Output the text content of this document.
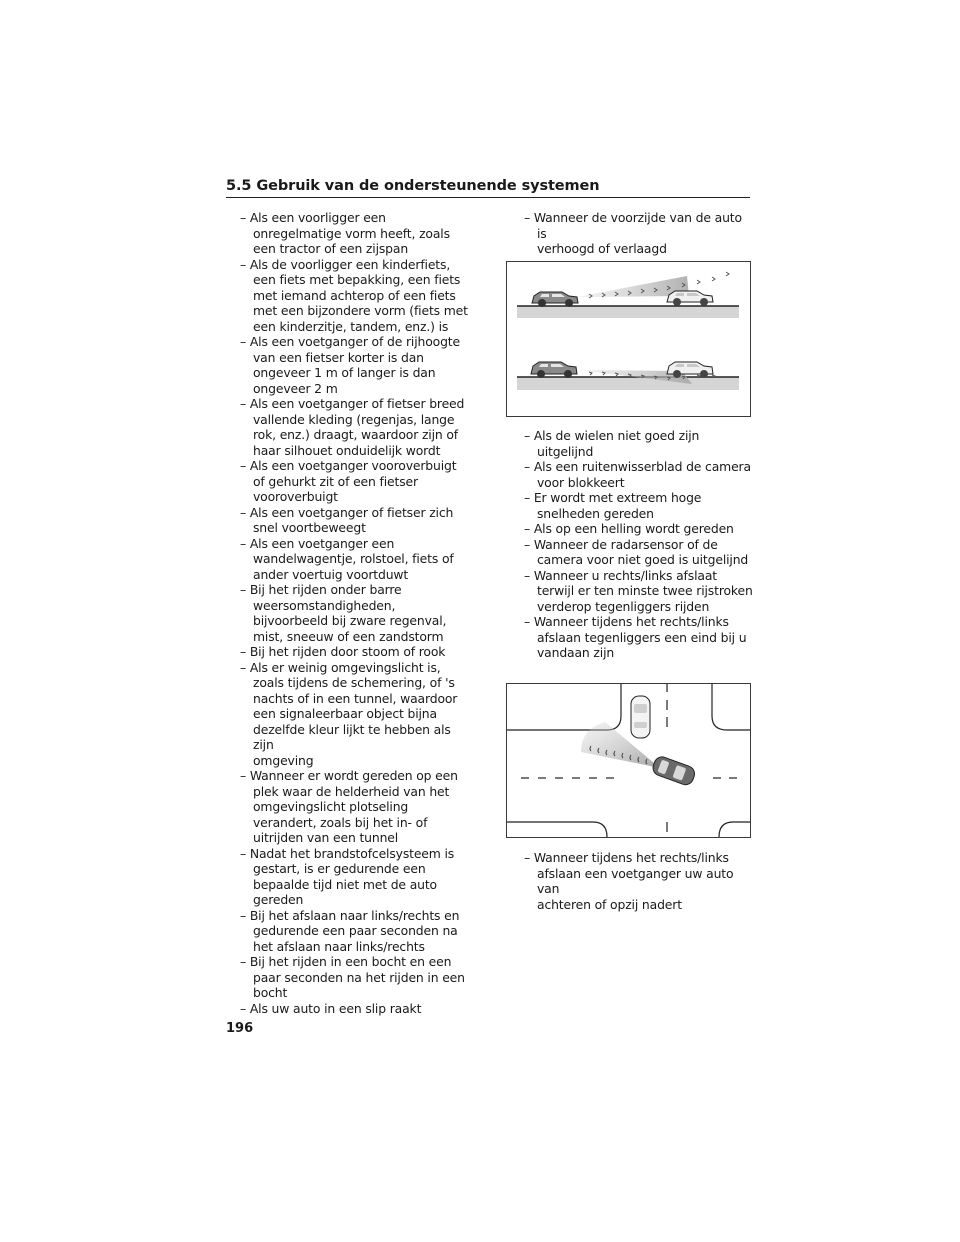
5.5 Gebruik van de ondersteunende systemen
– Als een voorligger een
onregelmatige vorm heeft, zoals
een tractor of een zijspan
– Als de voorligger een kinderfiets,
een fiets met bepakking, een fiets
met iemand achterop of een fiets
met een bijzondere vorm (fiets met
een kinderzitje, tandem, enz.) is
– Als een voetganger of de rijhoogte
van een fietser korter is dan
ongeveer 1 m of langer is dan
ongeveer 2 m
– Als een voetganger of fietser breed
vallende kleding (regenjas, lange
rok, enz.) draagt, waardoor zijn of
haar silhouet onduidelijk wordt
– Als een voetganger vooroverbuigt
of gehurkt zit of een fietser
vooroverbuigt
– Als een voetganger of fietser zich
snel voortbeweegt
– Als een voetganger een
wandelwagentje, rolstoel, fiets of
ander voertuig voortduwt
– Bij het rijden onder barre
weersomstandigheden,
bijvoorbeeld bij zware regenval,
mist, sneeuw of een zandstorm
– Bij het rijden door stoom of rook
– Als er weinig omgevingslicht is,
zoals tijdens de schemering, of 's
nachts of in een tunnel, waardoor
een signaleerbaar object bijna
dezelfde kleur lijkt te hebben als zijn
omgeving
– Wanneer er wordt gereden op een
plek waar de helderheid van het
omgevingslicht plotseling
verandert, zoals bij het in- of
uitrijden van een tunnel
– Nadat het brandstofcelsysteem is
gestart, is er gedurende een
bepaalde tijd niet met de auto
gereden
– Bij het afslaan naar links/rechts en
gedurende een paar seconden na
het afslaan naar links/rechts
– Bij het rijden in een bocht en een
paar seconden na het rijden in een
bocht
– Als uw auto in een slip raakt
– Wanneer de voorzijde van de auto is
verhoogd of verlaagd
– Als de wielen niet goed zijn
uitgelijnd
– Als een ruitenwisserblad de camera
voor blokkeert
– Er wordt met extreem hoge
snelheden gereden
– Als op een helling wordt gereden
– Wanneer de radarsensor of de
camera voor niet goed is uitgelijnd
– Wanneer u rechts/links afslaat
terwijl er ten minste twee rijstroken
verderop tegenliggers rijden
– Wanneer tijdens het rechts/links
afslaan tegenliggers een eind bij u
vandaan zijn
– Wanneer tijdens het rechts/links
afslaan een voetganger uw auto van
achteren of opzij nadert
196
